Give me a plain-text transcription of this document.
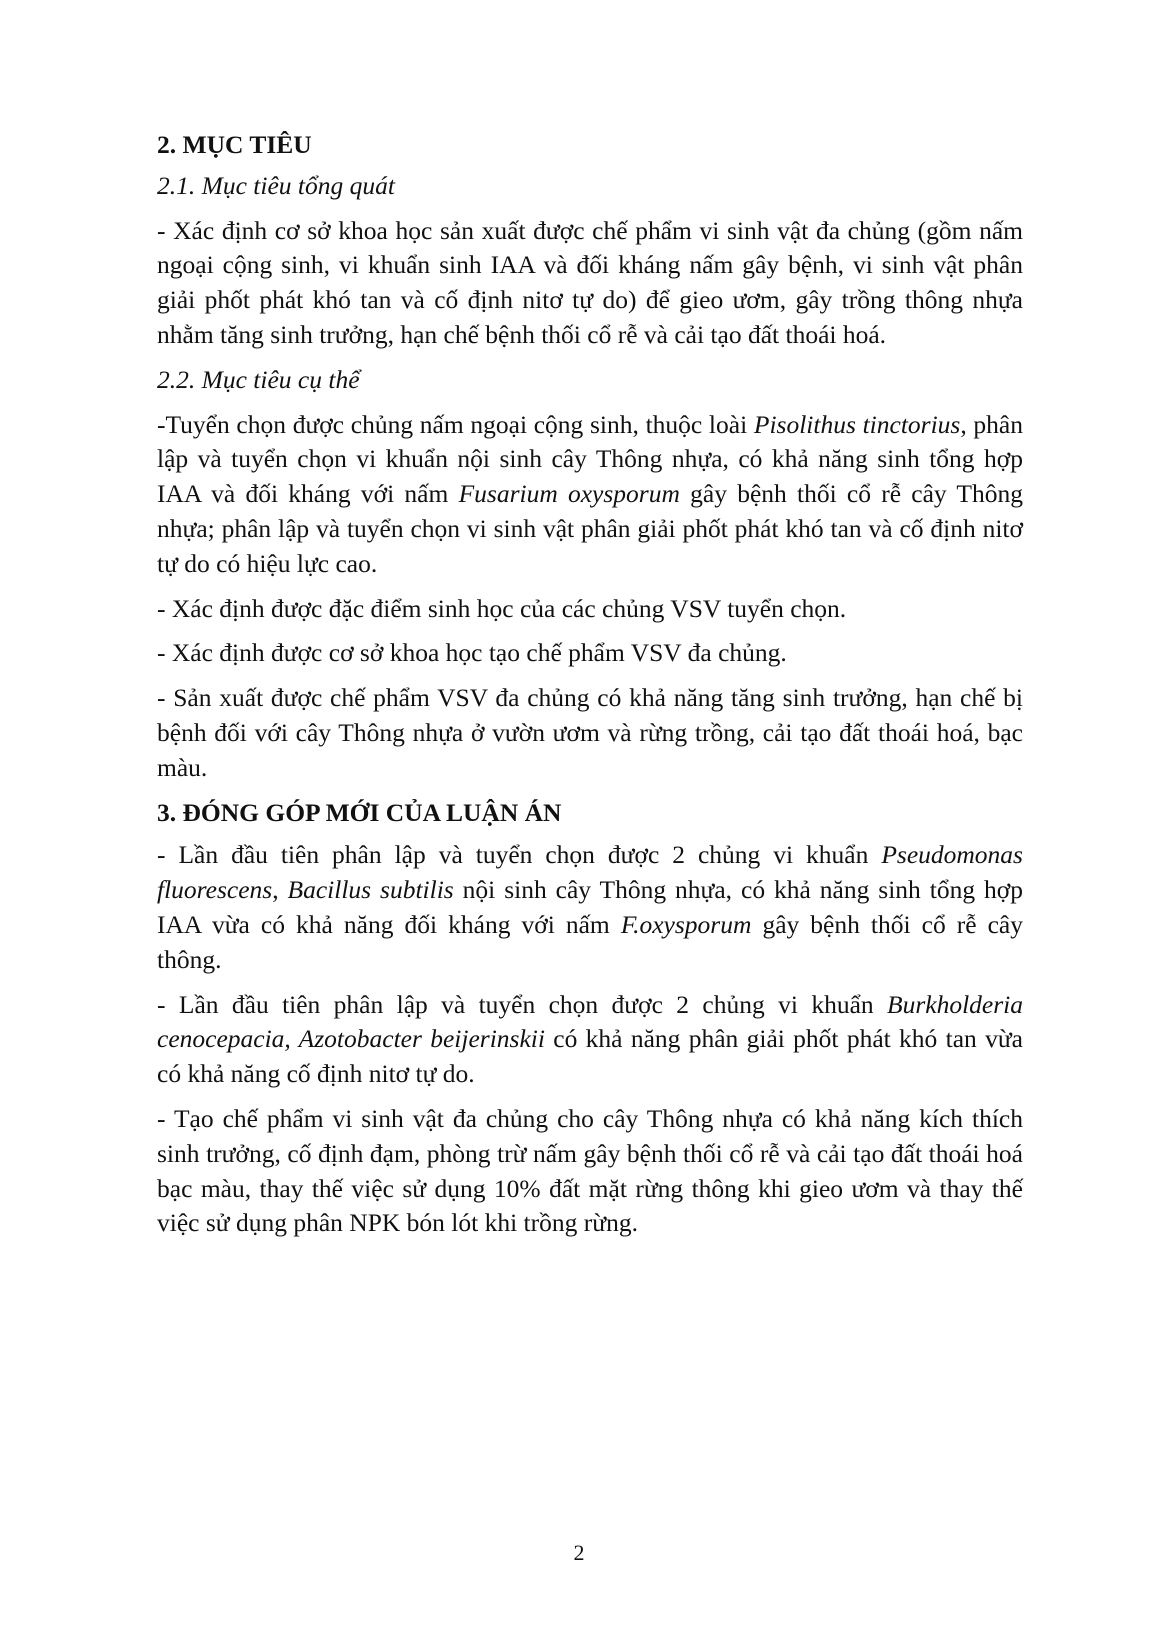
2. MỤC TIÊU
2.1. Mục tiêu tổng quát

- Xác định cơ sở khoa học sản xuất được chế phẩm vi sinh vật đa chủng (gồm nấm ngoại cộng sinh, vi khuẩn sinh IAA và đối kháng nấm gây bệnh, vi sinh vật phân giải phốt phát khó tan và cố định nitơ tự do) để gieo ươm, gây trồng thông nhựa nhằm tăng sinh trưởng, hạn chế bệnh thối cổ rễ và cải tạo đất thoái hoá.

2.2. Mục tiêu cụ thể

-Tuyển chọn được chủng nấm ngoại cộng sinh, thuộc loài Pisolithus tinctorius, phân lập và tuyển chọn vi khuẩn nội sinh cây Thông nhựa, có khả năng sinh tổng hợp IAA và đối kháng với nấm Fusarium oxysporum gây bệnh thối cổ rễ cây Thông nhựa; phân lập và tuyển chọn vi sinh vật phân giải phốt phát khó tan và cố định nitơ tự do có hiệu lực cao.

- Xác định được đặc điểm sinh học của các chủng VSV tuyển chọn.

- Xác định được cơ sở khoa học tạo chế phẩm VSV đa chủng.

- Sản xuất được chế phẩm VSV đa chủng có khả năng tăng sinh trưởng, hạn chế bị bệnh đối với cây Thông nhựa ở vườn ươm và rừng trồng, cải tạo đất thoái hoá, bạc màu.

3. ĐÓNG GÓP MỚI CỦA LUẬN ÁN

- Lần đầu tiên phân lập và tuyển chọn được 2 chủng vi khuẩn Pseudomonas fluorescens, Bacillus subtilis nội sinh cây Thông nhựa, có khả năng sinh tổng hợp IAA vừa có khả năng đối kháng với nấm F.oxysporum gây bệnh thối cổ rễ cây thông.

- Lần đầu tiên phân lập và tuyển chọn được 2 chủng vi khuẩn Burkholderia cenocepacia, Azotobacter beijerinskii có khả năng phân giải phốt phát khó tan vừa có khả năng cố định nitơ tự do.

- Tạo chế phẩm vi sinh vật đa chủng cho cây Thông nhựa có khả năng kích thích sinh trưởng, cố định đạm, phòng trừ nấm gây bệnh thối cổ rễ và cải tạo đất thoái hoá bạc màu, thay thế việc sử dụng 10% đất mặt rừng thông khi gieo ươm và thay thế việc sử dụng phân NPK bón lót khi trồng rừng.

2
